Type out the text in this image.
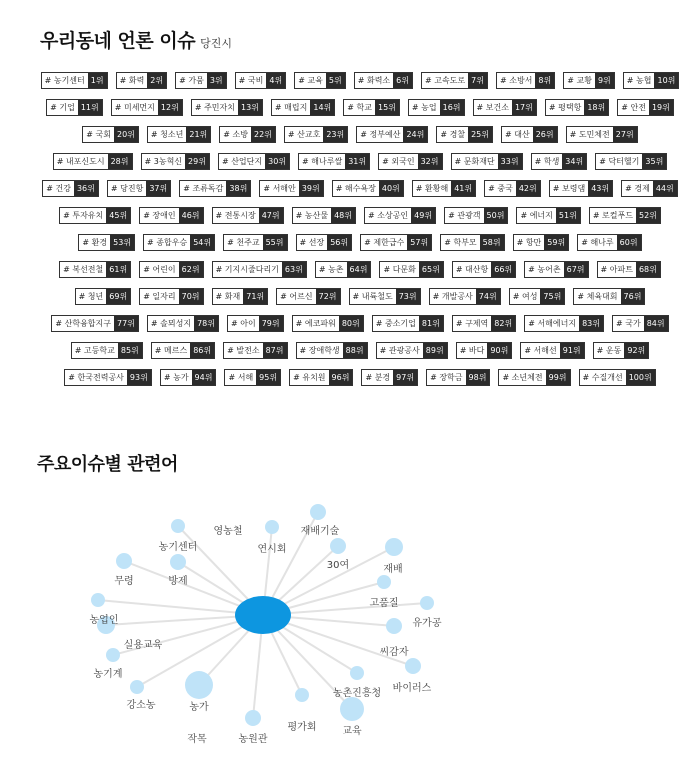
우리동네 언론 이슈 당진시
# 농기센터 1위	# 화력 2위	# 가뭄 3위	# 국비 4위	# 교육 5위	# 화력소 6위	# 고속도로 7위	# 소방서 8위	# 교황 9위	# 농협 10위
# 기업 11위	# 미세먼지 12위	# 주민자치 13위	# 매립지 14위	# 학교 15위	# 농업 16위	# 보건소 17위	# 평택항 18위	# 안전 19위
# 국회 20위	# 청소년 21위	# 소방 22위	# 산교호 23위	# 정부예산 24위	# 경찰 25위	# 대산 26위	# 도민체전 27위
# 내포신도시 28위	# 3농혁신 29위	# 산업단지 30위	# 해나루쌀 31위	# 외국인 32위	# 문화재단 33위	# 학생 34위	# 닥터헬기 35위
# 건강 36위	# 당진항 37위	# 조류독감 38위	# 서해안 39위	# 해수욕장 40위	# 환황해 41위	# 중국 42위	# 보령댐 43위	# 경제 44위
# 투자유치 45위	# 장애인 46위	# 전통시장 47위	# 농산물 48위	# 소상공인 49위	# 관광객 50위	# 에너지 51위	# 로컬푸드 52위
# 환경 53위	# 종합우승 54위	# 천주교 55위	# 선장 56위	# 제한급수 57위	# 학부모 58위	# 항만 59위	# 해나루 60위
# 복선전철 61위	# 어린이 62위	# 기지시줄다리기 63위	# 농촌 64위	# 다문화 65위	# 대산항 66위	# 농어촌 67위	# 아파트 68위
# 청년 69위	# 일자리 70위	# 화재 71위	# 어르신 72위	# 내륙철도 73위	# 개발공사 74위	# 여성 75위	# 체육대회 76위
# 산학융합지구 77위	# 솔뫼성지 78위	# 아이 79위	# 에코파워 80위	# 중소기업 81위	# 구제역 82위	# 서해에너지 83위	# 국가 84위
# 고등학교 85위	# 메르스 86위	# 발전소 87위	# 장애학생 88위	# 관광공사 89위	# 바다 90위	# 서해선 91위	# 운동 92위
# 한국전력공사 93위	# 농가 94위	# 서해 95위	# 유치원 96위	# 분경 97위	# 장학금 98위	# 소년체전 99위	# 수질개선 100위
주요이슈별 관련어
영농철	재배기술
농기센터	연시회
30여	재배
무령	방제
고품질
유가공
농업인
실용교육
씨감자
농기계
바이러스
농촌진흥청
강소농	농가
평가회	교육
작목	농원관
